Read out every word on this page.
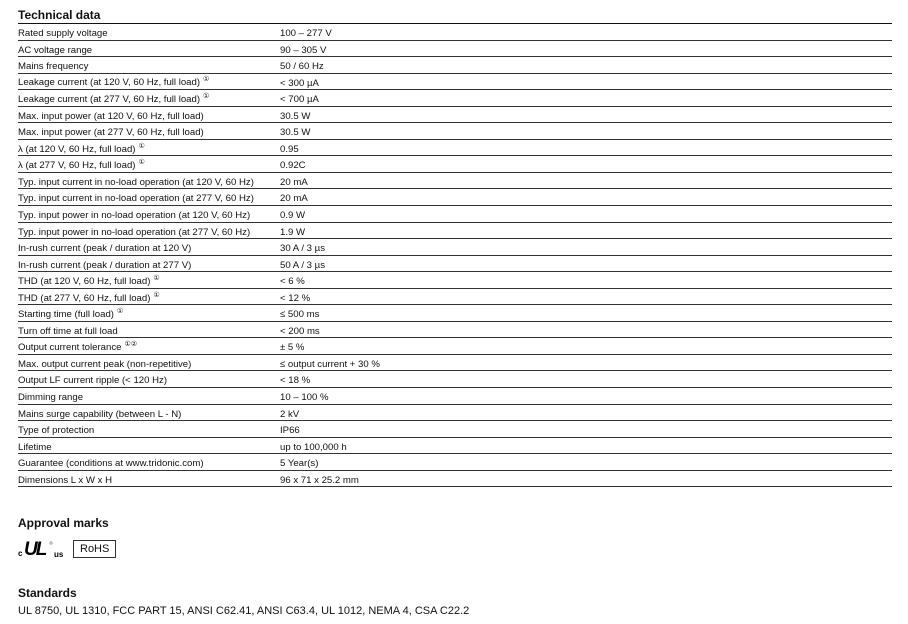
Technical data
Rated supply voltage	100 – 277 V
AC voltage range	90 – 305 V
Mains frequency	50 / 60 Hz
Leakage current (at 120 V, 60 Hz, full load) ①	< 300 µA
Leakage current (at 277 V, 60 Hz, full load) ①	< 700 µA
Max. input power (at 120 V, 60 Hz, full load)	30.5 W
Max. input power (at 277 V, 60 Hz, full load)	30.5 W
λ (at 120 V, 60 Hz, full load) ①	0.95
λ (at 277 V, 60 Hz, full load) ①	0.92C
Typ. input current in no-load operation (at 120 V, 60 Hz)	20 mA
Typ. input current in no-load operation (at 277 V, 60 Hz)	20 mA
Typ. input power in no-load operation (at 120 V, 60 Hz)	0.9 W
Typ. input power in no-load operation (at 277 V, 60 Hz)	1.9 W
In-rush current (peak / duration at 120 V)	30 A / 3 µs
In-rush current (peak / duration at 277 V)	50 A / 3 µs
THD (at 120 V, 60 Hz, full load) ①	< 6 %
THD (at 277 V, 60 Hz, full load) ①	< 12 %
Starting time (full load) ①	≤ 500 ms
Turn off time at full load	< 200 ms
Output current tolerance ①②	± 5 %
Max. output current peak (non-repetitive)	≤ output current + 30 %
Output LF current ripple (< 120 Hz)	< 18 %
Dimming range	10 – 100 %
Mains surge capability (between L - N)	2 kV
Type of protection	IP66
Lifetime	up to 100,000 h
Guarantee (conditions at www.tridonic.com)	5 Year(s)
Dimensions L x W x H	96 x 71 x 25.2 mm
Approval marks
c UL us	RoHS
Standards
UL 8750, UL 1310, FCC PART 15, ANSI C62.41, ANSI C63.4, UL 1012, NEMA 4, CSA C22.2
